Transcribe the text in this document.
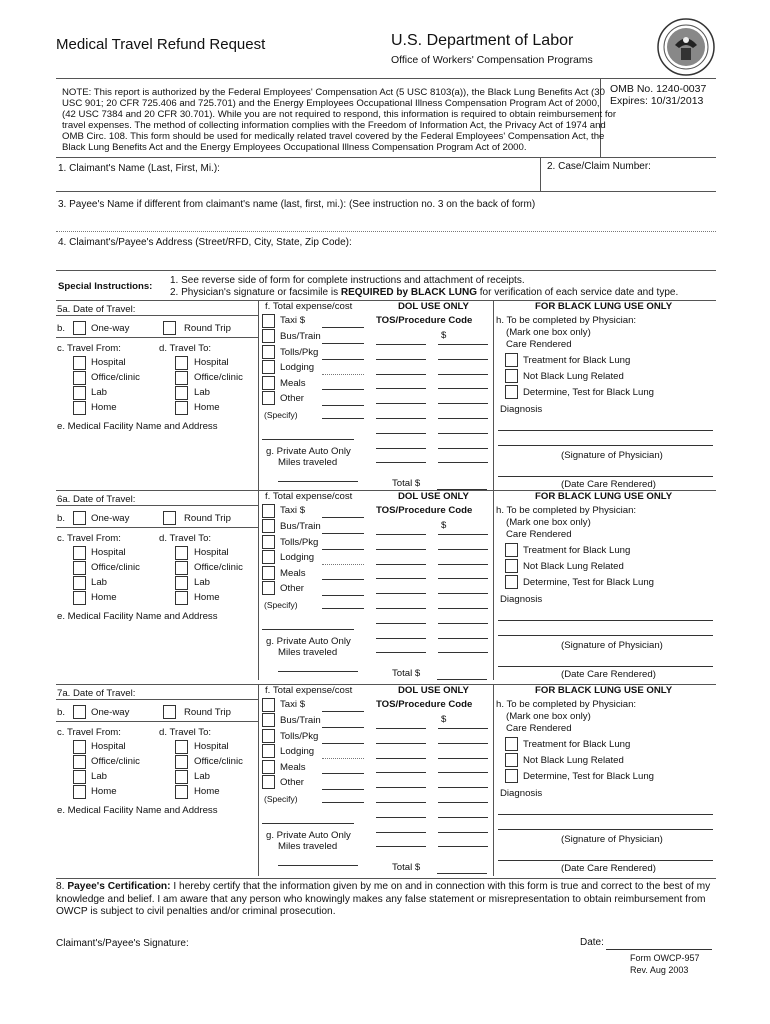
Medical Travel Refund Request	U.S. Department of Labor
Office of Workers' Compensation Programs
OMB No. 1240-0037
Expires: 10/31/2013
NOTE: This report is authorized by the Federal Employees' Compensation Act (5 USC 8103(a)), the Black Lung Benefits Act (30
USC 901; 20 CFR 725.406 and 725.701) and the Energy Employees Occupational Illness Compensation Program Act of 2000,
(42 USC 7384 and 20 CFR 30.701). While you are not required to respond, this information is required to obtain reimbursement for
travel expenses. The method of collecting information complies with the Freedom of Information Act, the Privacy Act of 1974 and
OMB Circ. 108. This form should be used for medically related travel covered by the Federal Employees' Compensation Act, the
Black Lung Benefits Act and the Energy Employees Occupational Illness Compensation Program Act of 2000.
1. Claimant's Name (Last, First, Mi.):	2. Case/Claim Number:
3. Payee's Name if different from claimant's name (last, first, mi.): (See instruction no. 3 on the back of form)
4. Claimant's/Payee's Address (Street/RFD, City, State, Zip Code):
Special Instructions:
1. See reverse side of form for complete instructions and attachment of receipts.
2. Physician's signature or facsimile is REQUIRED by BLACK LUNG for verification of each service date and type.
5a. Date of Travel:
b.	One-way	Round Trip
c. Travel From:	d. Travel To:
Hospital	Hospital
Office/clinic	Office/clinic
Lab	Lab
Home	Home
e. Medical Facility Name and Address
f. Total expense/cost
Taxi $
Bus/Train
Tolls/Pkg
Lodging
Meals
Other
(Specify)
g. Private Auto Only
Miles traveled
DOL USE ONLY
TOS/Procedure Code
$
Total $
FOR BLACK LUNG USE ONLY
h. To be completed by Physician:
(Mark one box only)
Care Rendered
Treatment for Black Lung
Not Black Lung Related
Determine, Test for Black Lung
Diagnosis
(Signature of Physician)
(Date Care Rendered)
6a. Date of Travel:
b.	One-way	Round Trip
c. Travel From:	d. Travel To:
Hospital	Hospital
Office/clinic	Office/clinic
Lab	Lab
Home	Home
e. Medical Facility Name and Address
f. Total expense/cost
Taxi $
Bus/Train
Tolls/Pkg
Lodging
Meals
Other
(Specify)
g. Private Auto Only
Miles traveled
DOL USE ONLY
TOS/Procedure Code
$
Total $
FOR BLACK LUNG USE ONLY
h. To be completed by Physician:
(Mark one box only)
Care Rendered
Treatment for Black Lung
Not Black Lung Related
Determine, Test for Black Lung
Diagnosis
(Signature of Physician)
(Date Care Rendered)
7a. Date of Travel:
b.	One-way	Round Trip
c. Travel From:	d. Travel To:
Hospital	Hospital
Office/clinic	Office/clinic
Lab	Lab
Home	Home
e. Medical Facility Name and Address
f. Total expense/cost
Taxi $
Bus/Train
Tolls/Pkg
Lodging
Meals
Other
(Specify)
g. Private Auto Only
Miles traveled
DOL USE ONLY
TOS/Procedure Code
$
Total $
FOR BLACK LUNG USE ONLY
h. To be completed by Physician:
(Mark one box only)
Care Rendered
Treatment for Black Lung
Not Black Lung Related
Determine, Test for Black Lung
Diagnosis
(Signature of Physician)
(Date Care Rendered)
8. Payee's Certification: I hereby certify that the information given by me on and in connection with this form is true and correct to the best of my
knowledge and belief. I am aware that any person who knowingly makes any false statement or misrepresentation to obtain reimbursement from
OWCP is subject to civil penalties and/or criminal prosecution.
Claimant's/Payee's Signature:	Date:
Form OWCP-957
Rev. Aug 2003
